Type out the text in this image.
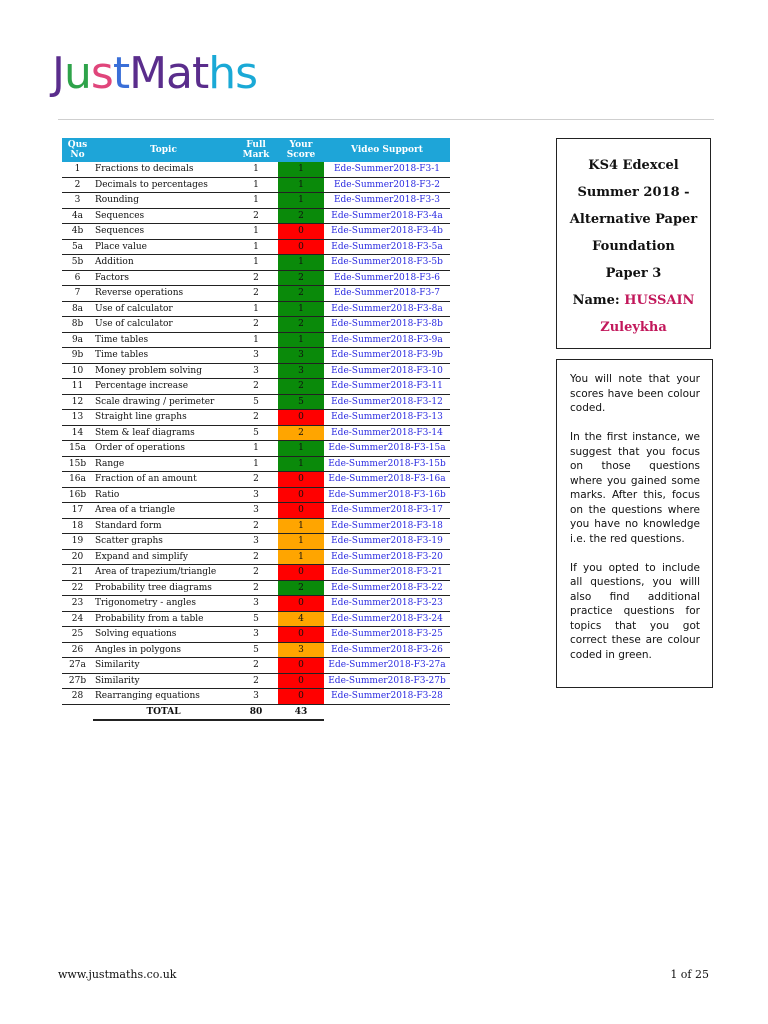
JustMaths
Qus No	Topic	Full Mark	Your Score	Video Support
1	Fractions to decimals	1	1	Ede-Summer2018-F3-1
2	Decimals to percentages	1	1	Ede-Summer2018-F3-2
3	Rounding	1	1	Ede-Summer2018-F3-3
4a	Sequences	2	2	Ede-Summer2018-F3-4a
4b	Sequences	1	0	Ede-Summer2018-F3-4b
5a	Place value	1	0	Ede-Summer2018-F3-5a
5b	Addition	1	1	Ede-Summer2018-F3-5b
6	Factors	2	2	Ede-Summer2018-F3-6
7	Reverse operations	2	2	Ede-Summer2018-F3-7
8a	Use of calculator	1	1	Ede-Summer2018-F3-8a
8b	Use of calculator	2	2	Ede-Summer2018-F3-8b
9a	Time tables	1	1	Ede-Summer2018-F3-9a
9b	Time tables	3	3	Ede-Summer2018-F3-9b
10	Money problem solving	3	3	Ede-Summer2018-F3-10
11	Percentage increase	2	2	Ede-Summer2018-F3-11
12	Scale drawing / perimeter	5	5	Ede-Summer2018-F3-12
13	Straight line graphs	2	0	Ede-Summer2018-F3-13
14	Stem & leaf diagrams	5	2	Ede-Summer2018-F3-14
15a	Order of operations	1	1	Ede-Summer2018-F3-15a
15b	Range	1	1	Ede-Summer2018-F3-15b
16a	Fraction of an amount	2	0	Ede-Summer2018-F3-16a
16b	Ratio	3	0	Ede-Summer2018-F3-16b
17	Area of a triangle	3	0	Ede-Summer2018-F3-17
18	Standard form	2	1	Ede-Summer2018-F3-18
19	Scatter graphs	3	1	Ede-Summer2018-F3-19
20	Expand and simplify	2	1	Ede-Summer2018-F3-20
21	Area of trapezium/triangle	2	0	Ede-Summer2018-F3-21
22	Probability tree diagrams	2	2	Ede-Summer2018-F3-22
23	Trigonometry - angles	3	0	Ede-Summer2018-F3-23
24	Probability from a table	5	4	Ede-Summer2018-F3-24
25	Solving equations	3	0	Ede-Summer2018-F3-25
26	Angles in polygons	5	3	Ede-Summer2018-F3-26
27a	Similarity	2	0	Ede-Summer2018-F3-27a
27b	Similarity	2	0	Ede-Summer2018-F3-27b
28	Rearranging equations	3	0	Ede-Summer2018-F3-28
	TOTAL	80	43	
KS4 Edexcel
Summer 2018 -
Alternative Paper
Foundation
Paper 3
Name: HUSSAIN
Zuleykha

You will note that your scores have been colour coded.

In the first instance, we suggest that you focus on those questions where you gained some marks. After this, focus on the questions where you have no knowledge i.e. the red questions.

If you opted to include all questions, you willl also find additional practice questions for topics that you got correct these are colour coded in green.

www.justmaths.co.uk	1 of 25
